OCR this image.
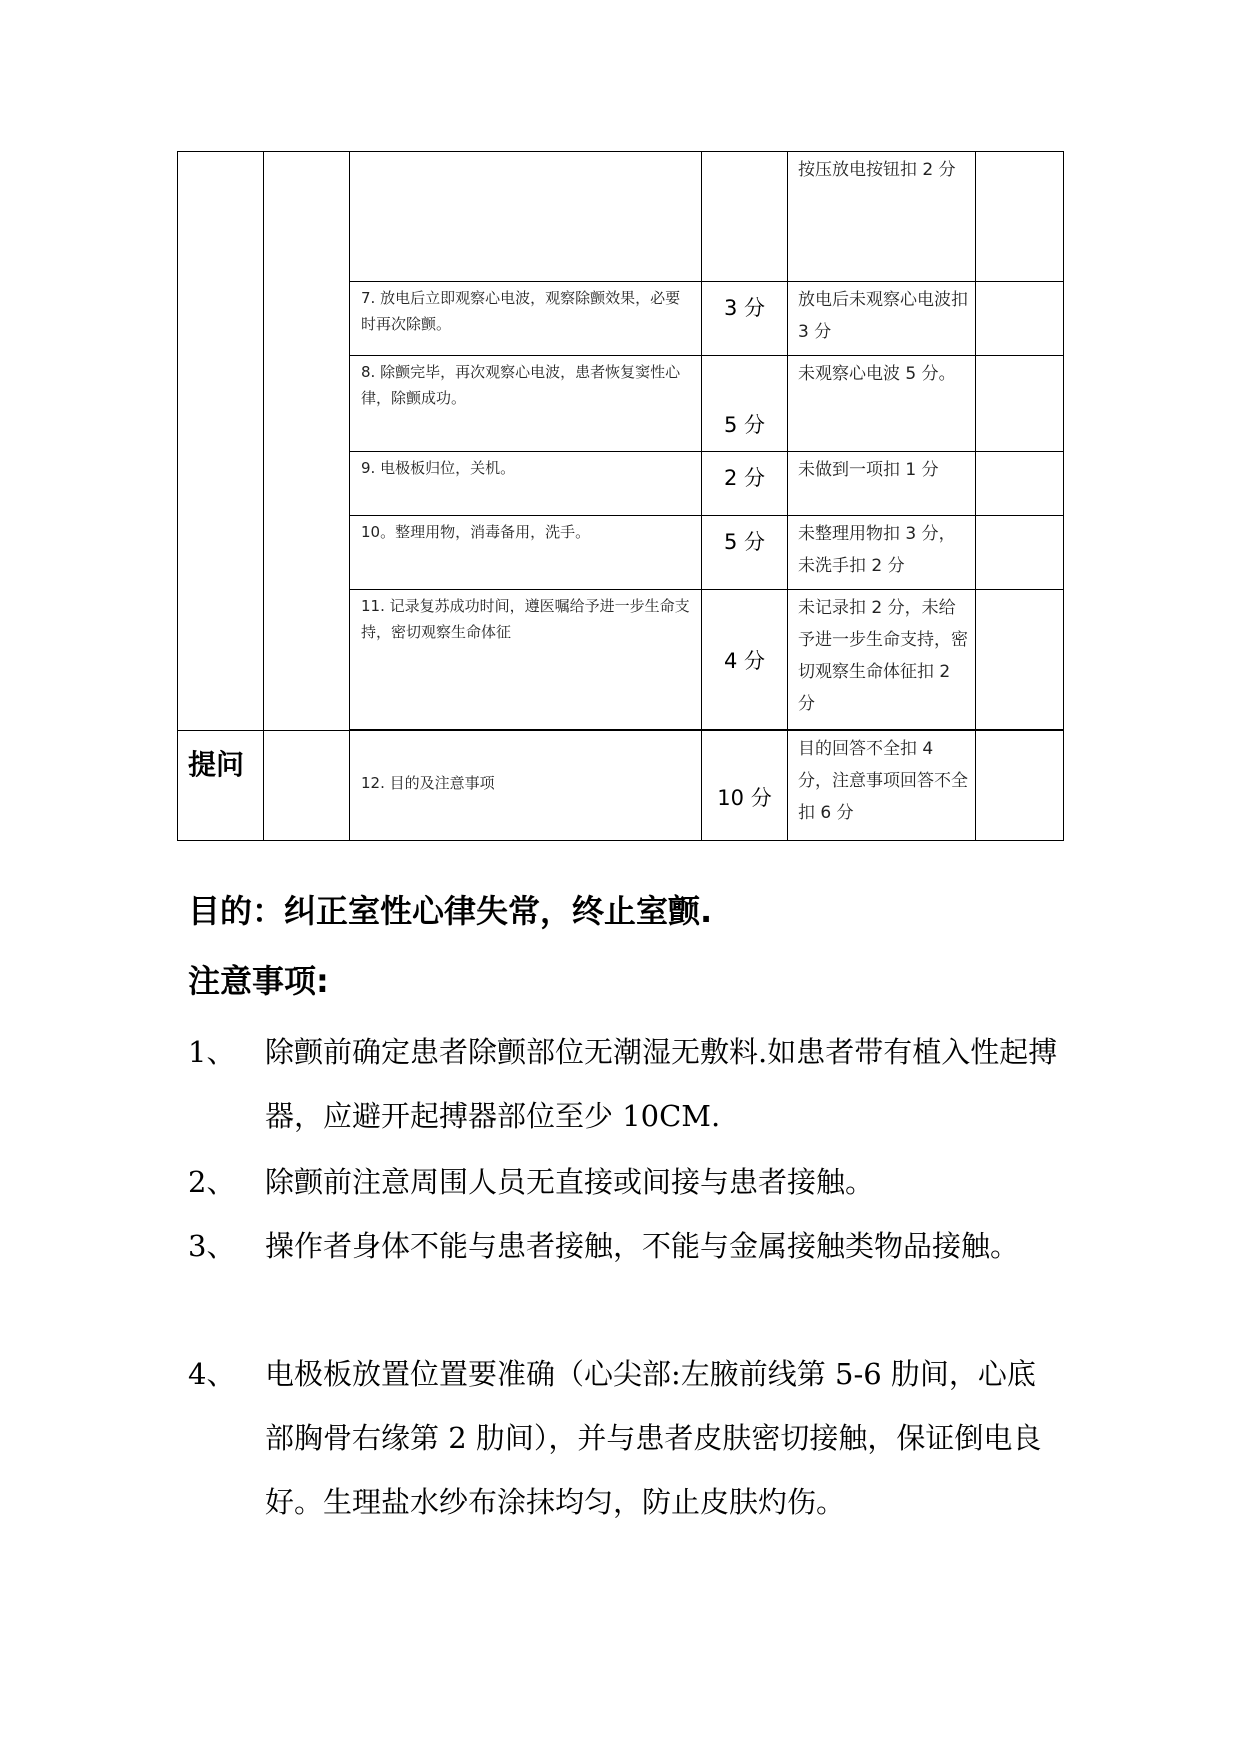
				按压放电按钮扣 2 分	
		7. 放电后立即观察心电波，观察除颤效果，必要时再次除颤。	3 分	放电后未观察心电波扣 3 分	
		8. 除颤完毕，再次观察心电波，患者恢复窦性心律，除颤成功。	5 分	未观察心电波 5 分。	
		9. 电极板归位，关机。	2 分	未做到一项扣 1 分	
		10。整理用物，消毒备用，洗手。	5 分	未整理用物扣 3 分，未洗手扣 2 分	
		11. 记录复苏成功时间，遵医嘱给予进一步生命支持，密切观察生命体征	4 分	未记录扣 2 分，未给予进一步生命支持，密切观察生命体征扣 2 分	

提问		12. 目的及注意事项	10 分	目的回答不全扣 4 分，注意事项回答不全扣 6 分	
目的：纠正室性心律失常，终止室颤.
注意事项:
1、 除颤前确定患者除颤部位无潮湿无敷料.如患者带有植入性起搏器，应避开起搏器部位至少 10CM.
2、 除颤前注意周围人员无直接或间接与患者接触。
3、 操作者身体不能与患者接触，不能与金属接触类物品接触。
4、 电极板放置位置要准确（心尖部:左腋前线第 5-6 肋间，心底部胸骨右缘第 2 肋间），并与患者皮肤密切接触，保证倒电良好。生理盐水纱布涂抹均匀，防止皮肤灼伤。
